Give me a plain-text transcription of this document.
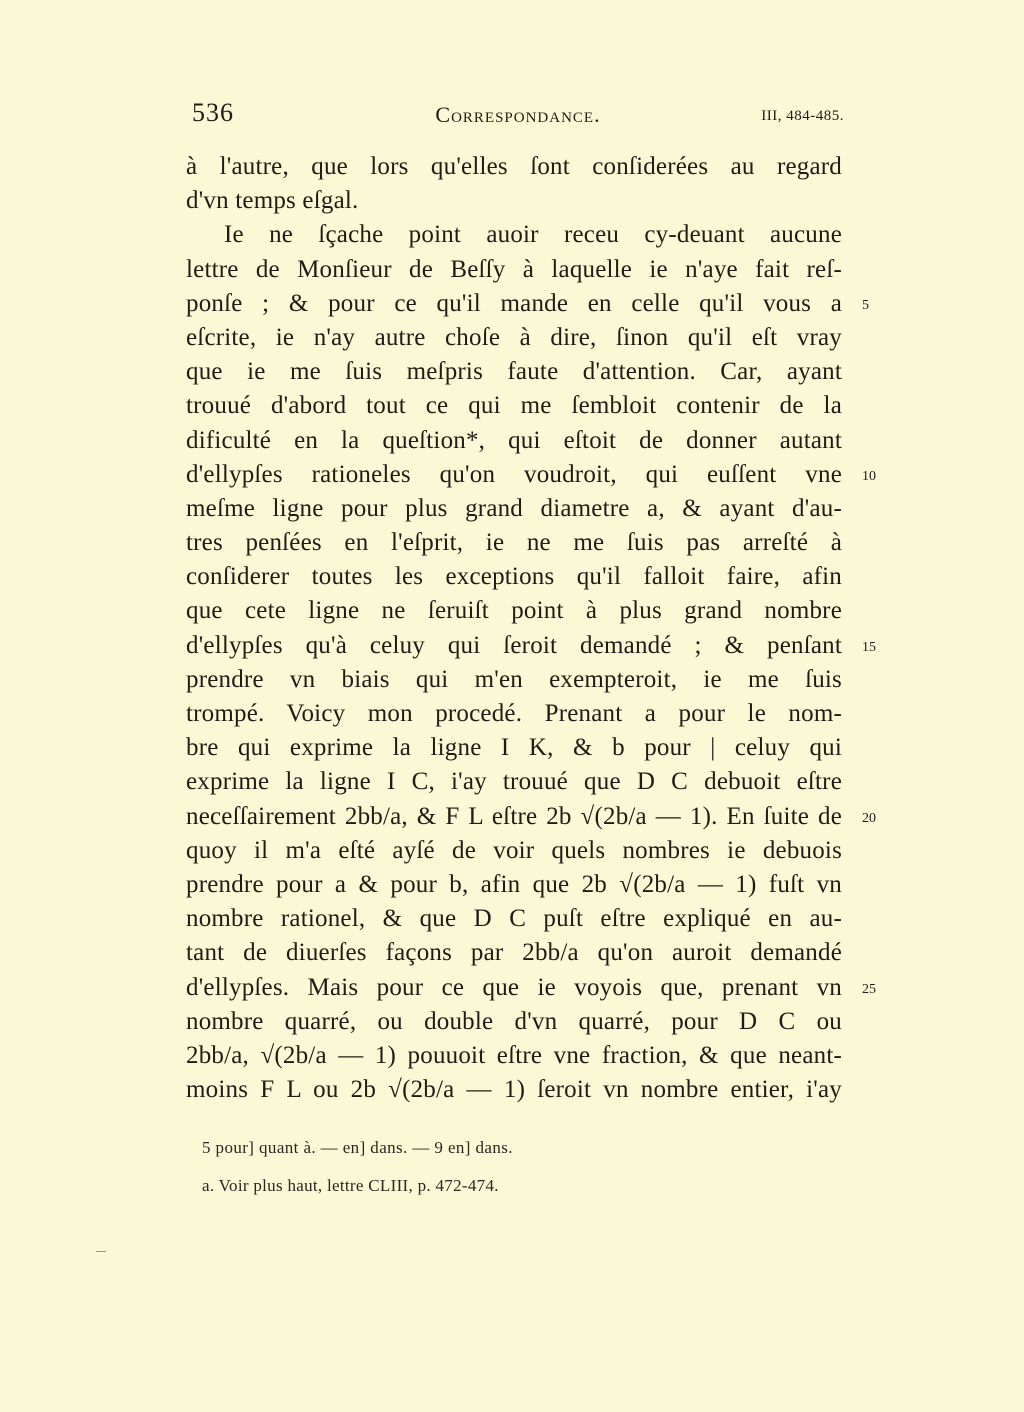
536	Correspondance.	III, 484-485.
à l'autre, que lors qu'elles ſont conſiderées au regard
d'vn temps eſgal.
Ie ne ſçache point auoir receu cy-deuant aucune
lettre de Monſieur de Beſſy à laquelle ie n'aye fait reſ-
ponſe ; & pour ce qu'il mande en celle qu'il vous a
eſcrite, ie n'ay autre choſe à dire, ſinon qu'il eſt vray
que ie me ſuis meſpris faute d'attention. Car, ayant
trouué d'abord tout ce qui me ſembloit contenir de la
dificulté en la queſtion*, qui eſtoit de donner autant
d'ellypſes rationeles qu'on voudroit, qui euſſent vne
meſme ligne pour plus grand diametre a, & ayant d'au-
tres penſées en l'eſprit, ie ne me ſuis pas arreſté à
conſiderer toutes les exceptions qu'il falloit faire, afin
que cete ligne ne ſeruiſt point à plus grand nombre
d'ellypſes qu'à celuy qui ſeroit demandé ; & penſant
prendre vn biais qui m'en exempteroit, ie me ſuis
trompé. Voicy mon procedé. Prenant a pour le nom-
bre qui exprime la ligne I K, & b pour | celuy qui
exprime la ligne I C, i'ay trouué que D C debuoit eſtre
neceſſairement 2bb/a, & F L eſtre 2b √(2b/a — 1). En ſuite de
quoy il m'a eſté ayſé de voir quels nombres ie debuois
prendre pour a & pour b, afin que 2b √(2b/a — 1) fuſt vn
nombre rationel, & que D C puſt eſtre expliqué en au-
tant de diuerſes façons par 2bb/a qu'on auroit demandé
d'ellypſes. Mais pour ce que ie voyois que, prenant vn
nombre quarré, ou double d'vn quarré, pour D C ou
2bb/a, √(2b/a — 1) pouuoit eſtre vne fraction, & que neant-
moins F L ou 2b √(2b/a — 1) ſeroit vn nombre entier, i'ay
5
10
15
20
25
5 pour] quant à. — en] dans. — 9 en] dans.
a. Voir plus haut, lettre CLIII, p. 472-474.
